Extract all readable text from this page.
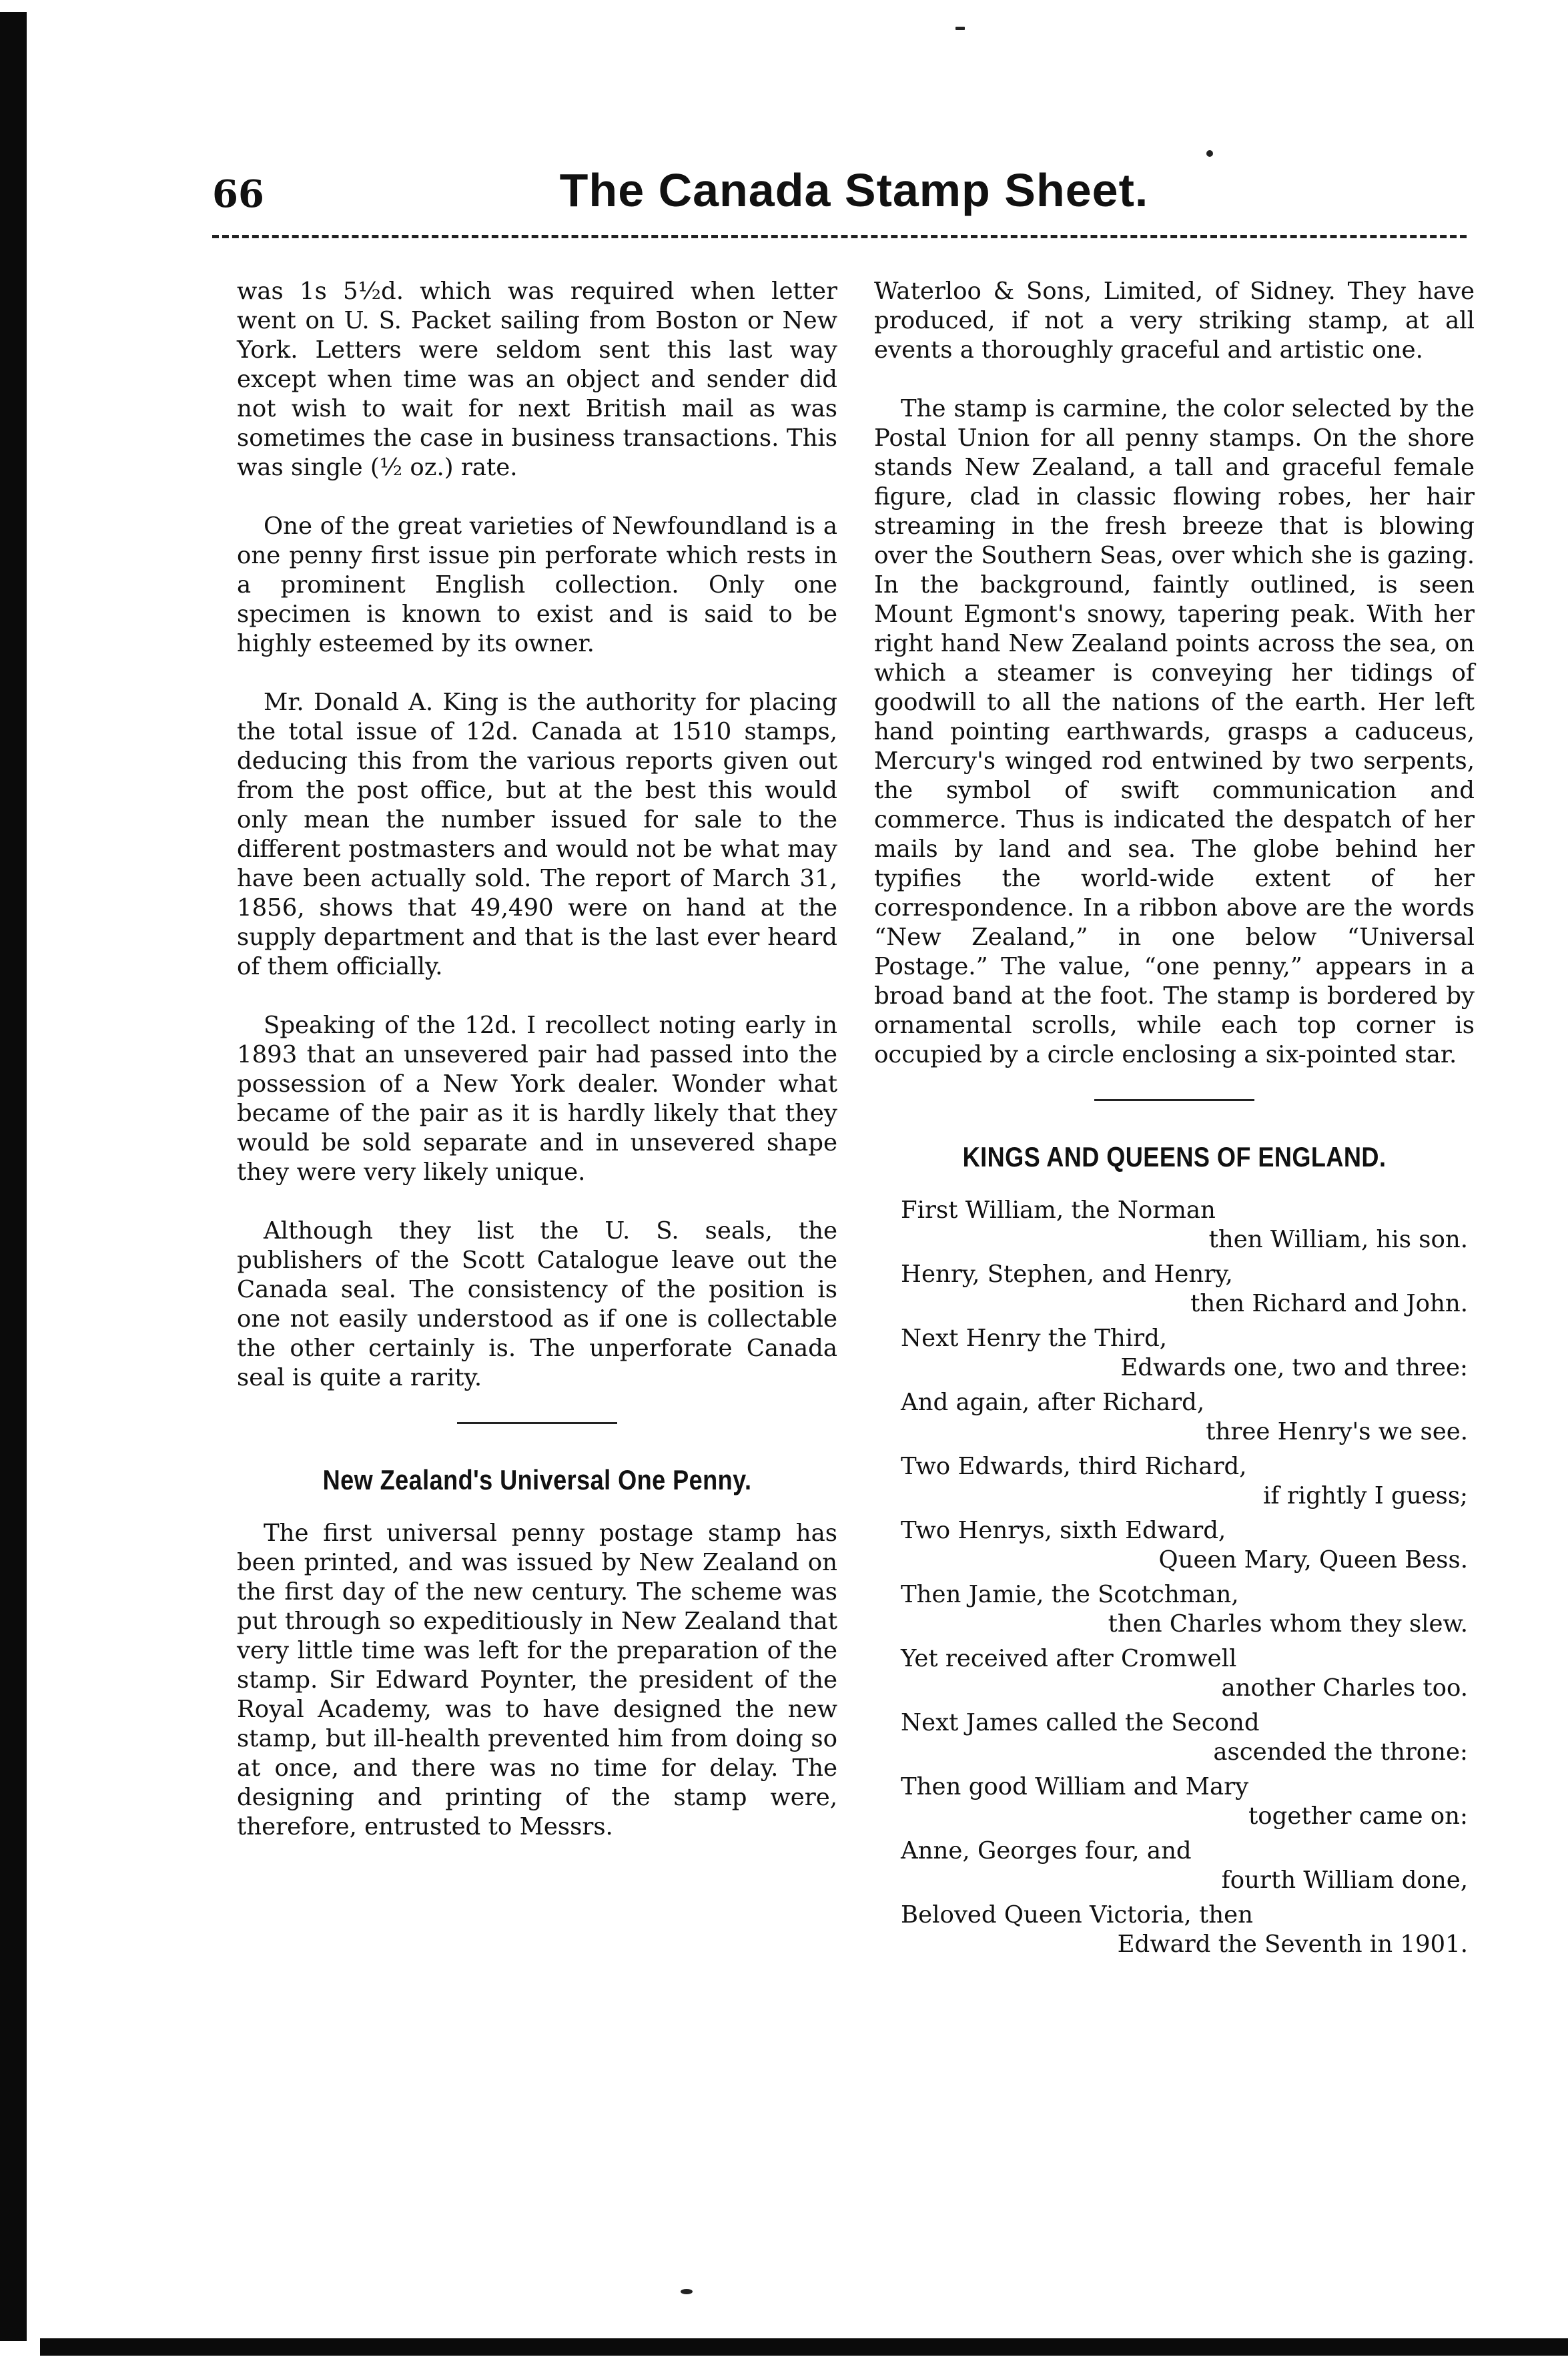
66	The Canada Stamp Sheet.

was 1s 5½d. which was required when letter went on U. S. Packet sailing from Boston or New York. Letters were seldom sent this last way except when time was an object and sender did not wish to wait for next British mail as was sometimes the case in business transactions. This was single (½ oz.) rate.

One of the great varieties of Newfoundland is a one penny first issue pin perforate which rests in a prominent English collection. Only one specimen is known to exist and is said to be highly esteemed by its owner.

Mr. Donald A. King is the authority for placing the total issue of 12d. Canada at 1510 stamps, deducing this from the various reports given out from the post office, but at the best this would only mean the number issued for sale to the different postmasters and would not be what may have been actually sold. The report of March 31, 1856, shows that 49,490 were on hand at the supply department and that is the last ever heard of them officially.

Speaking of the 12d. I recollect noting early in 1893 that an unsevered pair had passed into the possession of a New York dealer. Wonder what became of the pair as it is hardly likely that they would be sold separate and in unsevered shape they were very likely unique.

Although they list the U. S. seals, the publishers of the Scott Catalogue leave out the Canada seal. The consistency of the position is one not easily understood as if one is collectable the other certainly is. The unperforate Canada seal is quite a rarity.

New Zealand's Universal One Penny.

The first universal penny postage stamp has been printed, and was issued by New Zealand on the first day of the new century. The scheme was put through so expeditiously in New Zealand that very little time was left for the preparation of the stamp. Sir Edward Poynter, the president of the Royal Academy, was to have designed the new stamp, but ill-health prevented him from doing so at once, and there was no time for delay. The designing and printing of the stamp were, therefore, entrusted to Messrs.

Waterloo & Sons, Limited, of Sidney. They have produced, if not a very striking stamp, at all events a thoroughly graceful and artistic one.

The stamp is carmine, the color selected by the Postal Union for all penny stamps. On the shore stands New Zealand, a tall and graceful female figure, clad in classic flowing robes, her hair streaming in the fresh breeze that is blowing over the Southern Seas, over which she is gazing. In the background, faintly outlined, is seen Mount Egmont's snowy, tapering peak. With her right hand New Zealand points across the sea, on which a steamer is conveying her tidings of goodwill to all the nations of the earth. Her left hand pointing earthwards, grasps a caduceus, Mercury's winged rod entwined by two serpents, the symbol of swift communication and commerce. Thus is indicated the despatch of her mails by land and sea. The globe behind her typifies the world-wide extent of her correspondence. In a ribbon above are the words “New Zealand,” in one below “Universal Postage.” The value, “one penny,” appears in a broad band at the foot. The stamp is bordered by ornamental scrolls, while each top corner is occupied by a circle enclosing a six-pointed star.

KINGS AND QUEENS OF ENGLAND.
First William, the Norman
then William, his son.
Henry, Stephen, and Henry,
then Richard and John.
Next Henry the Third,
Edwards one, two and three:
And again, after Richard,
three Henry's we see.
Two Edwards, third Richard,
if rightly I guess;
Two Henrys, sixth Edward,
Queen Mary, Queen Bess.
Then Jamie, the Scotchman,
then Charles whom they slew.
Yet received after Cromwell
another Charles too.
Next James called the Second
ascended the throne:
Then good William and Mary
together came on:
Anne, Georges four, and
fourth William done,
Beloved Queen Victoria, then
Edward the Seventh in 1901.
